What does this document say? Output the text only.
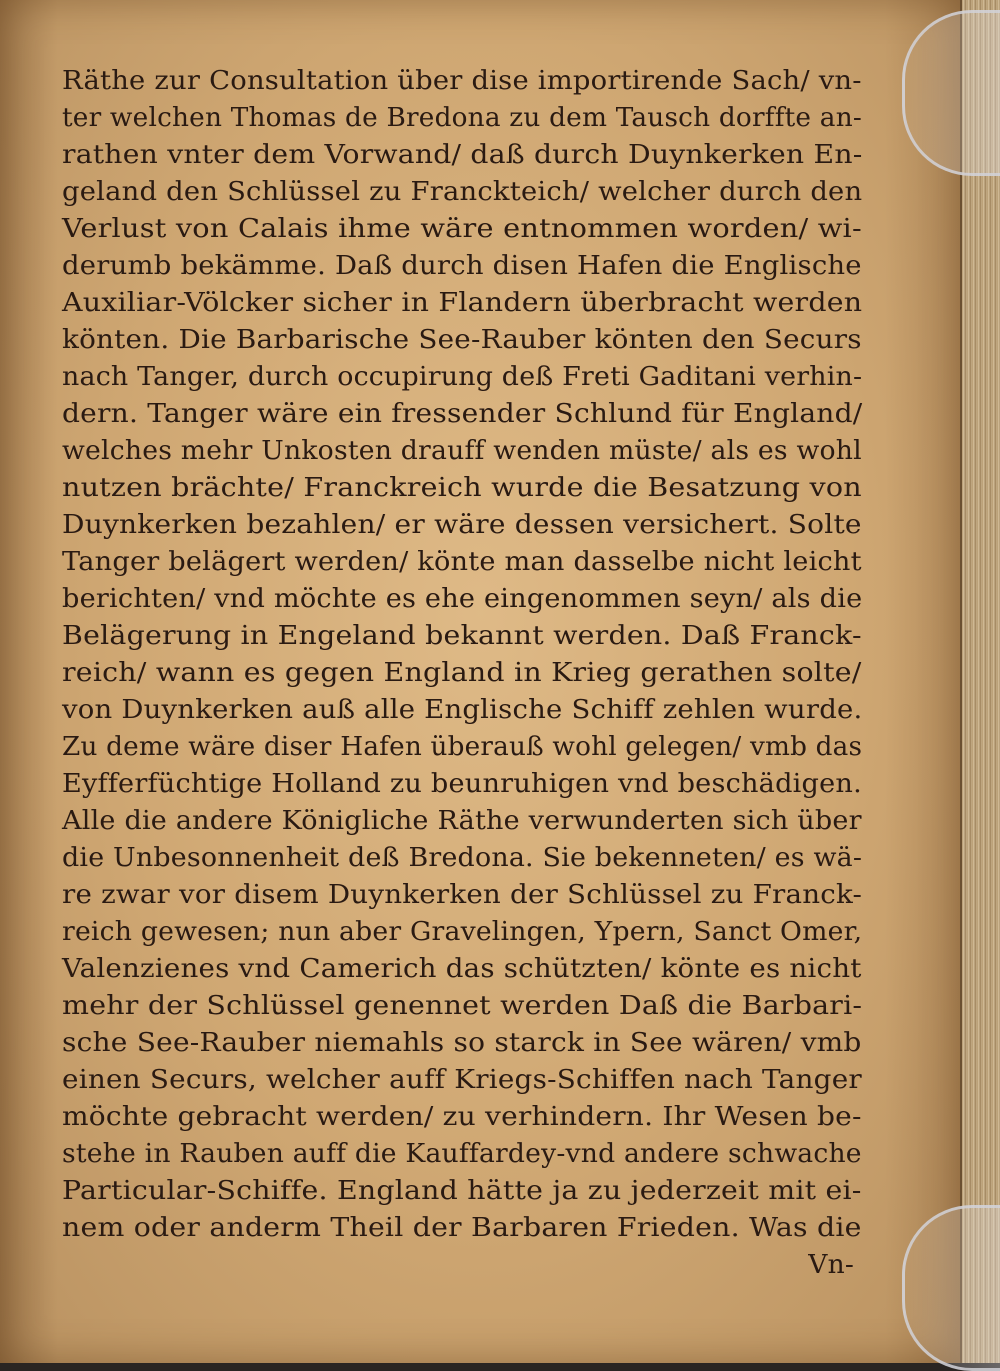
Räthe zur Consultation über dise importirende Sach/ vn-
ter welchen Thomas de Bredona zu dem Tausch dorffte an-
rathen vnter dem Vorwand/ daß durch Duynkerken En-
geland den Schlüssel zu Franckteich/ welcher durch den
Verlust von Calais ihme wäre entnommen worden/ wi-
derumb bekämme. Daß durch disen Hafen die Englische
Auxiliar-Völcker sicher in Flandern überbracht werden
könten. Die Barbarische See-Rauber könten den Securs
nach Tanger, durch occupirung deß Freti Gaditani verhin-
dern. Tanger wäre ein fressender Schlund für England/
welches mehr Unkosten drauff wenden müste/ als es wohl
nutzen brächte/ Franckreich wurde die Besatzung von
Duynkerken bezahlen/ er wäre dessen versichert. Solte
Tanger belägert werden/ könte man dasselbe nicht leicht
berichten/ vnd möchte es ehe eingenommen seyn/ als die
Belägerung in Engeland bekannt werden. Daß Franck-
reich/ wann es gegen England in Krieg gerathen solte/
von Duynkerken auß alle Englische Schiff zehlen wurde.
Zu deme wäre diser Hafen überauß wohl gelegen/ vmb das
Eyfferfüchtige Holland zu beunruhigen vnd beschädigen.
Alle die andere Königliche Räthe verwunderten sich über
die Unbesonnenheit deß Bredona. Sie bekenneten/ es wä-
re zwar vor disem Duynkerken der Schlüssel zu Franck-
reich gewesen; nun aber Gravelingen, Ypern, Sanct Omer,
Valenzienes vnd Camerich das schützten/ könte es nicht
mehr der Schlüssel genennet werden Daß die Barbari-
sche See-Rauber niemahls so starck in See wären/ vmb
einen Securs, welcher auff Kriegs-Schiffen nach Tanger
möchte gebracht werden/ zu verhindern. Ihr Wesen be-
stehe in Rauben auff die Kauffardey-vnd andere schwache
Particular-Schiffe. England hätte ja zu jederzeit mit ei-
nem oder anderm Theil der Barbaren Frieden. Was die
Vn-
